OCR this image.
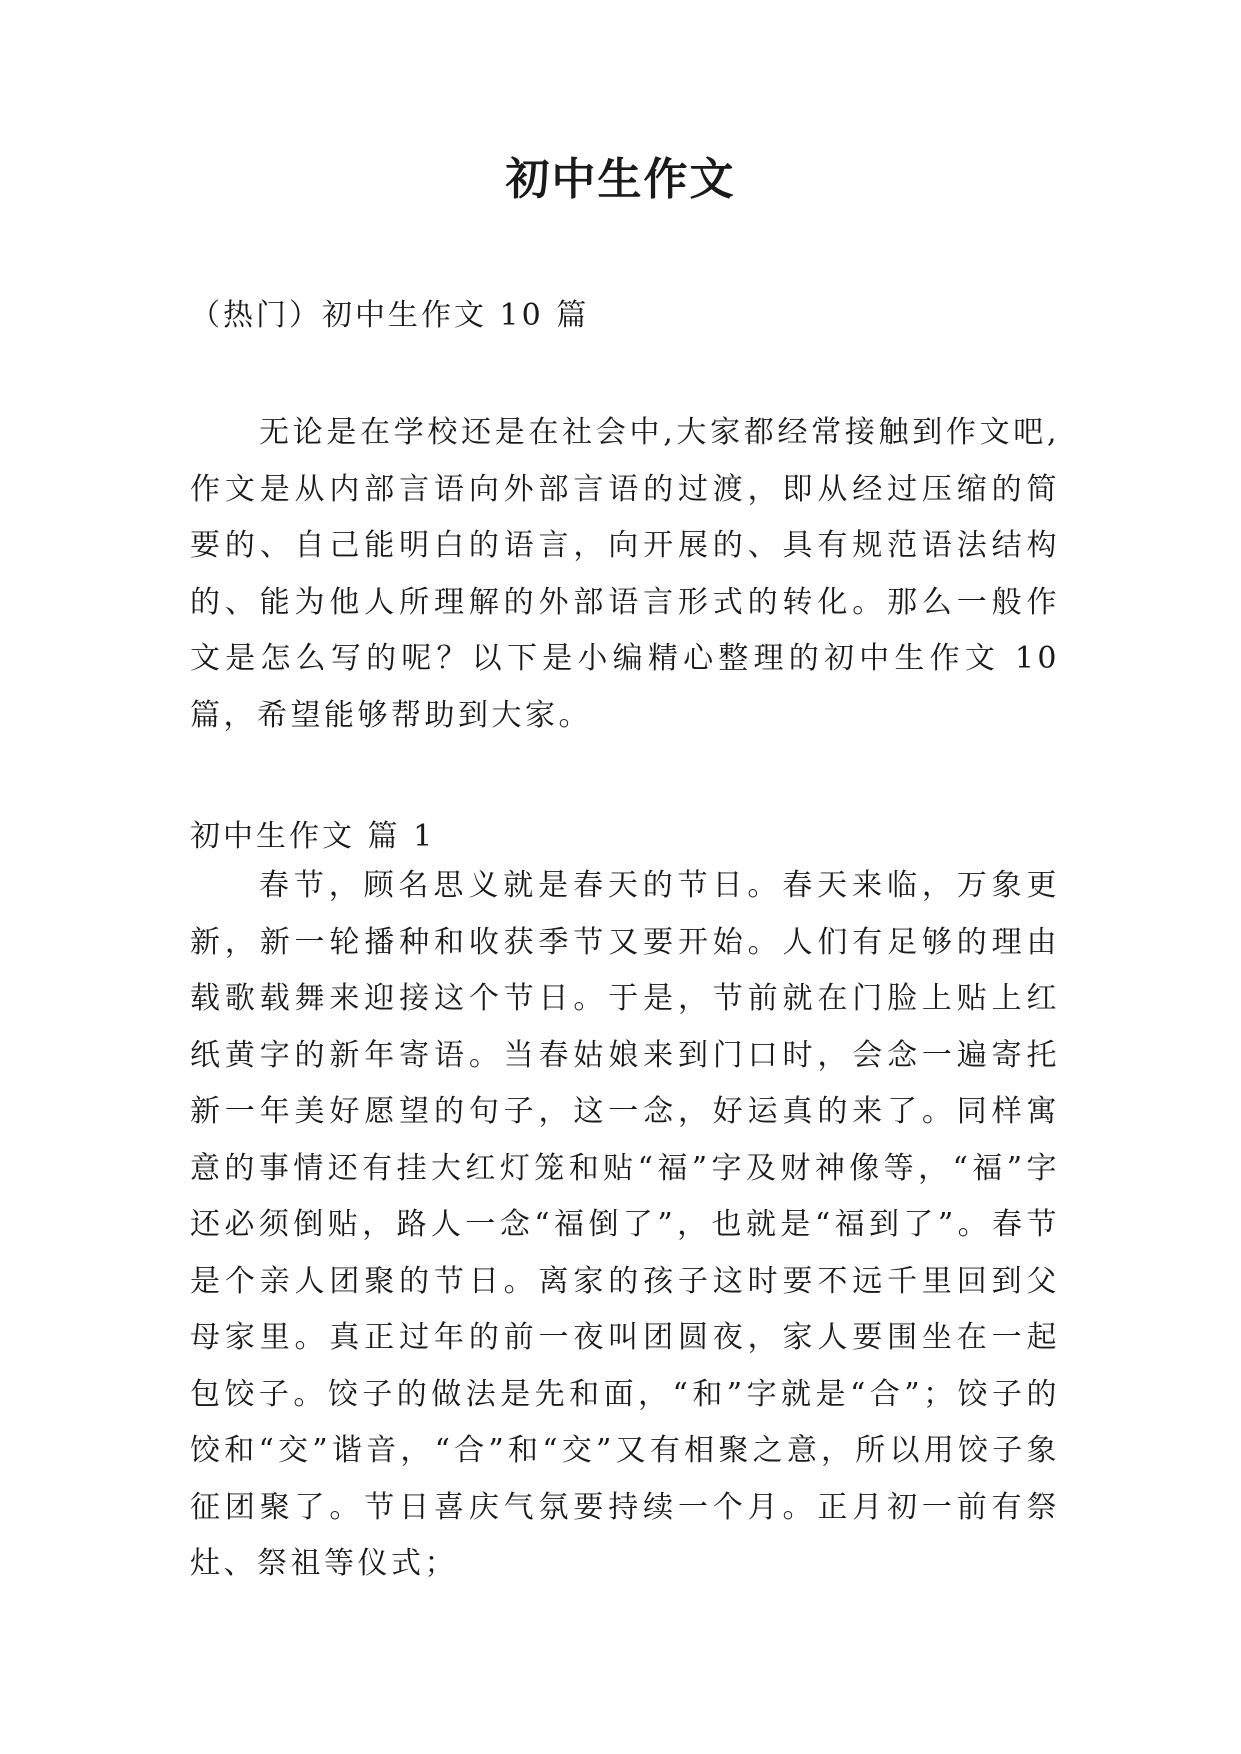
初中生作文
（热门）初中生作文 10 篇

无论是在学校还是在社会中,大家都经常接触到作文吧,作文是从内部言语向外部言语的过渡，即从经过压缩的简要的、自己能明白的语言，向开展的、具有规范语法结构的、能为他人所理解的外部语言形式的转化。那么一般作文是怎么写的呢？以下是小编精心整理的初中生作文 10 篇，希望能够帮助到大家。

初中生作文 篇 1

春节，顾名思义就是春天的节日。春天来临，万象更新，新一轮播种和收获季节又要开始。人们有足够的理由载歌载舞来迎接这个节日。于是，节前就在门脸上贴上红纸黄字的新年寄语。当春姑娘来到门口时，会念一遍寄托新一年美好愿望的句子，这一念，好运真的来了。同样寓意的事情还有挂大红灯笼和贴“福”字及财神像等，“福”字还必须倒贴，路人一念“福倒了”，也就是“福到了”。春节是个亲人团聚的节日。离家的孩子这时要不远千里回到父母家里。真正过年的前一夜叫团圆夜，家人要围坐在一起包饺子。饺子的做法是先和面，“和”字就是“合”；饺子的饺和“交”谐音，“合”和“交”又有相聚之意，所以用饺子象征团聚了。节日喜庆气氛要持续一个月。正月初一前有祭灶、祭祖等仪式；
